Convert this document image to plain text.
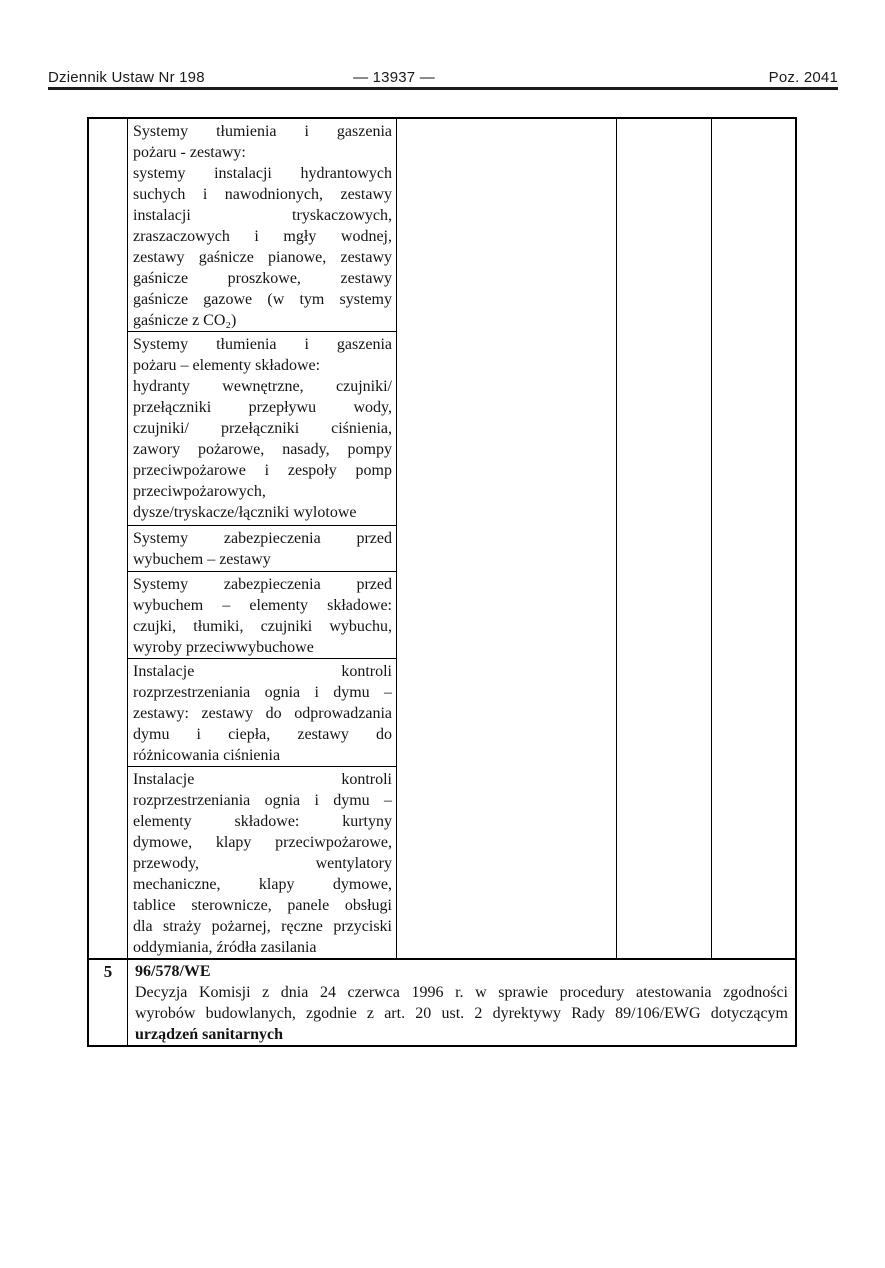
Dziennik Ustaw Nr 198	— 13937 —	Poz. 2041
Systemy tłumienia i gaszenia
pożaru - zestawy:
systemy instalacji hydrantowych
suchych i nawodnionych, zestawy
instalacji tryskaczowych,
zraszaczowych i mgły wodnej,
zestawy gaśnicze pianowe, zestawy
gaśnicze proszkowe, zestawy
gaśnicze gazowe (w tym systemy
gaśnicze z CO₂)
Systemy tłumienia i gaszenia
pożaru – elementy składowe:
hydranty wewnętrzne, czujniki/
przełączniki przepływu wody,
czujniki/ przełączniki ciśnienia,
zawory pożarowe, nasady, pompy
przeciwpożarowe i zespoły pomp
przeciwpożarowych,
dysze/tryskacze/łączniki wylotowe
Systemy zabezpieczenia przed
wybuchem – zestawy
Systemy zabezpieczenia przed
wybuchem – elementy składowe:
czujki, tłumiki, czujniki wybuchu,
wyroby przeciwwybuchowe
Instalacje kontroli
rozprzestrzeniania ognia i dymu –
zestawy: zestawy do odprowadzania
dymu i ciepła, zestawy do
różnicowania ciśnienia
Instalacje kontroli
rozprzestrzeniania ognia i dymu –
elementy składowe: kurtyny
dymowe, klapy przeciwpożarowe,
przewody, wentylatory
mechaniczne, klapy dymowe,
tablice sterownicze, panele obsługi
dla straży pożarnej, ręczne przyciski
oddymiania, źródła zasilania
5	96/578/WE
Decyzja Komisji z dnia 24 czerwca 1996 r. w sprawie procedury atestowania zgodności
wyrobów budowlanych, zgodnie z art. 20 ust. 2 dyrektywy Rady 89/106/EWG dotyczącym
urządzeń sanitarnych
